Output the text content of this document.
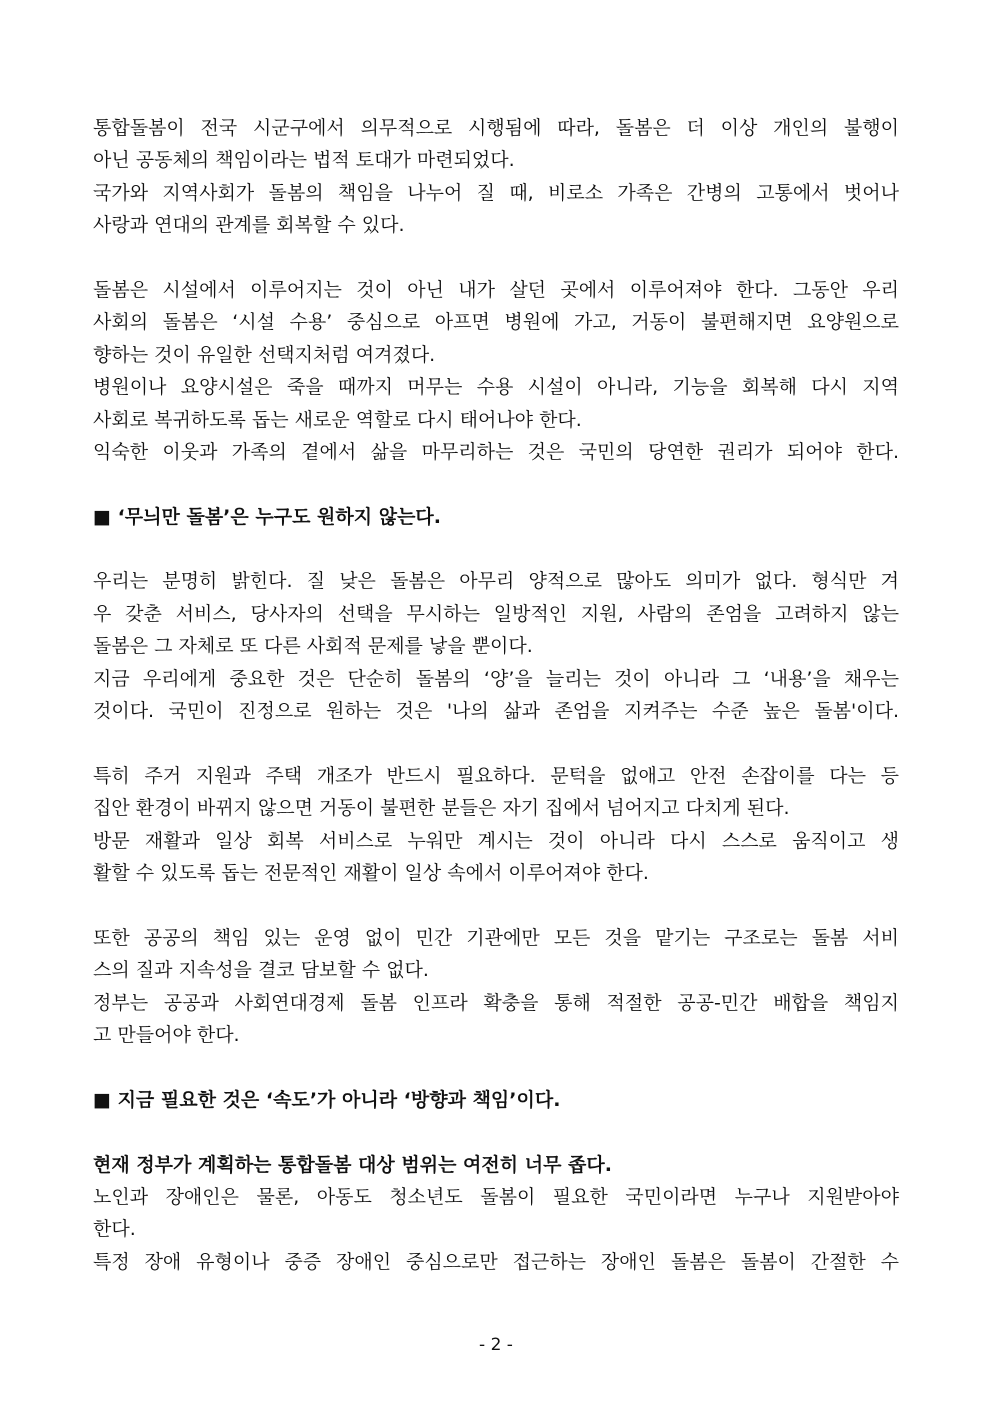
통합돌봄이 전국 시군구에서 의무적으로 시행됨에 따라, 돌봄은 더 이상 개인의 불행이
아닌 공동체의 책임이라는 법적 토대가 마련되었다.
국가와 지역사회가 돌봄의 책임을 나누어 질 때, 비로소 가족은 간병의 고통에서 벗어나
사랑과 연대의 관계를 회복할 수 있다.
돌봄은 시설에서 이루어지는 것이 아닌 내가 살던 곳에서 이루어져야 한다. 그동안 우리
사회의 돌봄은 ‘시설 수용’ 중심으로 아프면 병원에 가고, 거동이 불편해지면 요양원으로
향하는 것이 유일한 선택지처럼 여겨졌다.
병원이나 요양시설은 죽을 때까지 머무는 수용 시설이 아니라, 기능을 회복해 다시 지역
사회로 복귀하도록 돕는 새로운 역할로 다시 태어나야 한다.
익숙한 이웃과 가족의 곁에서 삶을 마무리하는 것은 국민의 당연한 권리가 되어야 한다.
■ ‘무늬만 돌봄’은 누구도 원하지 않는다.
우리는 분명히 밝힌다. 질 낮은 돌봄은 아무리 양적으로 많아도 의미가 없다. 형식만 겨
우 갖춘 서비스, 당사자의 선택을 무시하는 일방적인 지원, 사람의 존엄을 고려하지 않는
돌봄은 그 자체로 또 다른 사회적 문제를 낳을 뿐이다.
지금 우리에게 중요한 것은 단순히 돌봄의 ‘양’을 늘리는 것이 아니라 그 ‘내용’을 채우는
것이다. 국민이 진정으로 원하는 것은 '나의 삶과 존엄을 지켜주는 수준 높은 돌봄'이다.
특히 주거 지원과 주택 개조가 반드시 필요하다. 문턱을 없애고 안전 손잡이를 다는 등
집안 환경이 바뀌지 않으면 거동이 불편한 분들은 자기 집에서 넘어지고 다치게 된다.
방문 재활과 일상 회복 서비스로 누워만 계시는 것이 아니라 다시 스스로 움직이고 생
활할 수 있도록 돕는 전문적인 재활이 일상 속에서 이루어져야 한다.
또한 공공의 책임 있는 운영 없이 민간 기관에만 모든 것을 맡기는 구조로는 돌봄 서비
스의 질과 지속성을 결코 담보할 수 없다.
정부는 공공과 사회연대경제 돌봄 인프라 확충을 통해 적절한 공공-민간 배합을 책임지
고 만들어야 한다.
■ 지금 필요한 것은 ‘속도’가 아니라 ‘방향과 책임’이다.
현재 정부가 계획하는 통합돌봄 대상 범위는 여전히 너무 좁다.
노인과 장애인은 물론, 아동도 청소년도 돌봄이 필요한 국민이라면 누구나 지원받아야
한다.
특정 장애 유형이나 중증 장애인 중심으로만 접근하는 장애인 돌봄은 돌봄이 간절한 수
- 2 -
